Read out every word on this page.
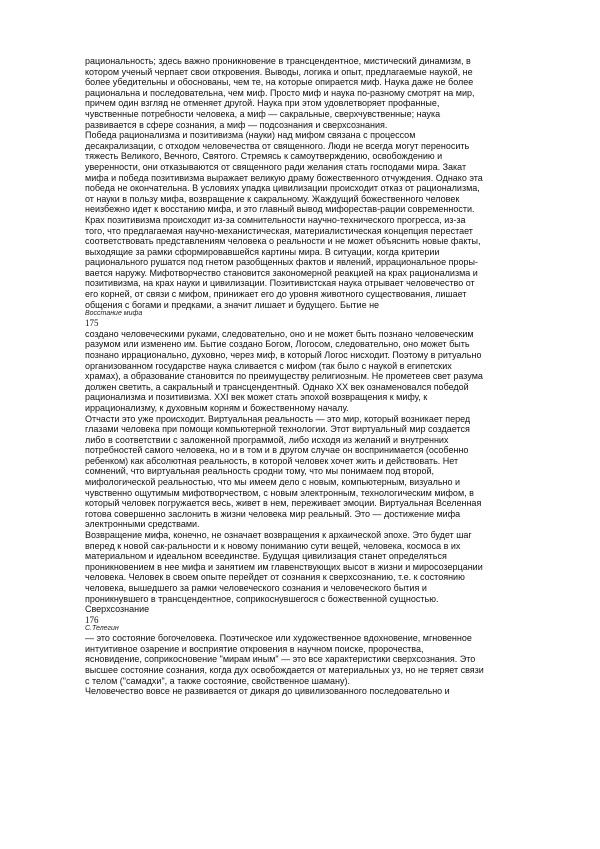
рациональность; здесь важно проникновение в трансцендентное, мистический динамизм, в
котором ученый черпает свои откровения. Выводы, логика и опыт, предлагаемые наукой, не
более убедительны и обоснованы, чем те, на которые опирается миф. Наука даже не более
рациональна и последовательна, чем миф. Просто миф и наука по-разному смотрят на мир,
причем один взгляд не отменяет другой. Наука при этом удовлетворяет профанные,
чувственные потребности человека, а миф — сакральные, сверхчувственные; наука
развивается в сфере сознания, а миф — подсознания и сверхсознания.

Победа рационализма и позитивизма (науки) над мифом связана с процессом
десакрализации, с отходом человечества от священного. Люди не всегда могут переносить
тяжесть Великого, Вечного, Святого. Стремясь к самоутверждению, освобождению и
уверенности, они отказываются от священного ради желания стать господами мира. Закат
мифа и победа позитивизма выражает великую драму божественного отчуждения. Однако эта
победа не окончательна. В условиях упадка цивилизации происходит отказ от рационализма,
от науки в пользу мифа, возвращение к сакральному. Жаждущий божественного человек
неизбежно идет к восстанию мифа, и это главный вывод мифорестав-рации современности.

Крах позитивизма происходит из-за сомнительности научно-технического прогресса, из-за
того, что предлагаемая научно-механистическая, материалистическая концепция перестает
соответствовать представлениям человека о реальности и не может объяснить новые факты,
выходящие за рамки сформировавшейся картины мира. В ситуации, когда критерии
рационального рушатся под гнетом разобщенных фактов и явлений, иррациональное проры-
вается наружу. Мифотворчество становится закономерной реакцией на крах рационализма и
позитивизма, на крах науки и цивилизации. Позитивистская наука отрывает человечество от
его корней, от связи с мифом, принижает его до уровня животного существования, лишает
общения с богами и предками, а значит лишает и будущего. Бытие не

Восстание мифа

175

создано человеческими руками, следовательно, оно и не может быть познано человеческим
разумом или изменено им. Бытие создано Богом, Логосом, следовательно, оно может быть
познано иррационально, духовно, через миф, в который Логос нисходит. Поэтому в ритуально
организованном государстве наука сливается с мифом (так было с наукой в египетских
храмах), а образование становится по преимуществу религиозным. Не прометеев свет разума
должен светить, а сакральный и трансцендентный. Однако XX век ознаменовался победой
рационализма и позитивизма. XXI век может стать эпохой возвращения к мифу, к
иррационализму, к духовным корням и божественному началу.

Отчасти это уже происходит. Виртуальная реальность — это мир, который возникает перед
глазами человека при помощи компьютерной технологии. Этот виртуальный мир создается
либо в соответствии с заложенной программой, либо исходя из желаний и внутренних
потребностей самого человека, но и в том и в другом случае он воспринимается (особенно
ребенком) как абсолютная реальность, в которой человек хочет жить и действовать. Нет
сомнений, что виртуальная реальность сродни тому, что мы понимаем под второй,
мифологической реальностью, что мы имеем дело с новым, компьютерным, визуально и
чувственно ощутимым мифотворчеством, с новым электронным, технологическим мифом, в
который человек погружается весь, живет в нем, переживает эмоции. Виртуальная Вселенная
готова совершенно заслонить в жизни человека мир реальный. Это — достижение мифа
электронными средствами.

Возвращение мифа, конечно, не означает возвращения к архаической эпохе. Это будет шаг
вперед к новой сак-ральности и к новому пониманию сути вещей, человека, космоса в их
материальном и идеальном всеединстве. Будущая цивилизация станет определяться
проникновением в нее мифа и занятием им главенствующих высот в жизни и миросозерцании
человека. Человек в своем опыте перейдет от сознания к сверхсознанию, т.е. к состоянию
человека, вышедшего за рамки человеческого сознания и человеческого бытия и
проникнувшего в трансцендентное, соприкоснувшегося с божественной сущностью.

Сверхсознание

176

С.Телегин

— это состояние богочеловека. Поэтическое или художественное вдохновение, мгновенное
интуитивное озарение и восприятие откровения в научном поиске, пророчества,
ясновидение, соприкосновение "мирам иным" — это все характеристики сверхсознания. Это
высшее состояние сознания, когда дух освобождается от материальных уз, но не теряет связи
с телом ("самадхи", а также состояние, свойственное шаману).

Человечество вовсе не развивается от дикаря до цивилизованного последовательно и
